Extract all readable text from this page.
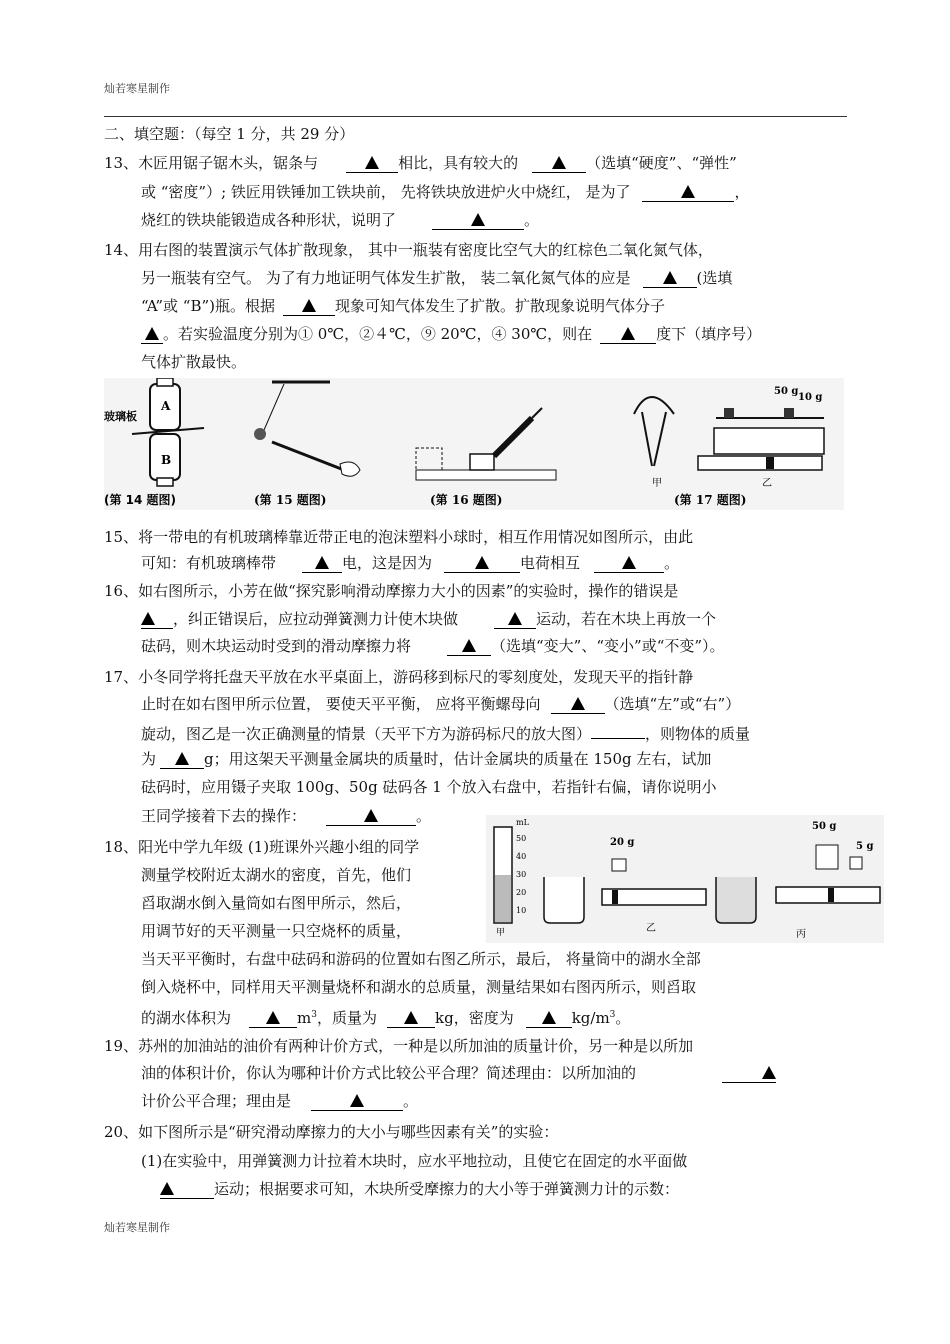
灿若寒星制作
二、填空题：（每空 1 分，共 29 分）
13、木匠用锯子锯木头，锯条与	相比，具有较大的	（选填“硬度”、“弹性”
或 “密度”）; 铁匠用铁锤加工铁块前， 先将铁块放进炉火中烧红， 是为了	，
烧红的铁块能锻造成各种形状，说明了	。
14、用右图的装置演示气体扩散现象， 其中一瓶装有密度比空气大的红棕色二氧化氮气体，
另一瓶装有空气。 为了有力地证明气体发生扩散， 装二氧化氮气体的应是	(选填
“A”或 “B”)瓶。根据	现象可知气体发生了扩散。扩散现象说明气体分子
。若实验温度分别为① 0℃，②４℃，⑨ 20℃，④ 30℃，则在	度下（填序号）
气体扩散最快。
A
B
玻璃板
甲
50 g
10 g
乙
(第 14 题图)	(第 15 题图)	(第 16 题图)	(第 17 题图)
15、将一带电的有机玻璃棒靠近带正电的泡沫塑料小球时，相互作用情况如图所示，由此
可知：有机玻璃棒带	电，这是因为	电荷相互	。
16、如右图所示，小芳在做“探究影响滑动摩擦力大小的因素”的实验时，操作的错误是
，纠正错误后，应拉动弹簧测力计使木块做	运动，若在木块上再放一个
砝码，则木块运动时受到的滑动摩擦力将	（选填“变大”、“变小”或“不变”）。
17、小冬同学将托盘天平放在水平桌面上，游码移到标尺的零刻度处，发现天平的指针静
止时在如右图甲所示位置， 要使天平平衡， 应将平衡螺母向	（选填“左”或“右”）
旋动，图乙是一次正确测量的情景（天平下方为游码标尺的放大图）	，则物体的质量
为	g；用这架天平测量金属块的质量时，估计金属块的质量在 150g 左右，试加
砝码时，应用镊子夹取 100g、50g 砝码各 1 个放入右盘中，若指针右偏，请你说明小
王同学接着下去的操作：	。	mL
50
40
30
20
10
甲
20 g
乙
50 g
5 g
丙
18、阳光中学九年级 (1)班课外兴趣小组的同学
测量学校附近太湖水的密度，首先，他们
舀取湖水倒入量筒如右图甲所示，然后，
用调节好的天平测量一只空烧杯的质量，
当天平平衡时，右盘中砝码和游码的位置如右图乙所示，最后， 将量筒中的湖水全部
倒入烧杯中，同样用天平测量烧杯和湖水的总质量，测量结果如右图丙所示，则舀取
的湖水体积为	$m^3$，质量为	kg，密度为	$kg/m^3$。
19、苏州的加油站的油价有两种计价方式，一种是以所加油的质量计价，另一种是以所加
油的体积计价，你认为哪种计价方式比较公平合理？简述理由：以所加油的
计价公平合理；理由是	。
20、如下图所示是“研究滑动摩擦力的大小与哪些因素有关”的实验：
(1)在实验中，用弹簧测力计拉着木块时，应水平地拉动，且使它在固定的水平面做
运动；根据要求可知，木块所受摩擦力的大小等于弹簧测力计的示数：
灿若寒星制作
